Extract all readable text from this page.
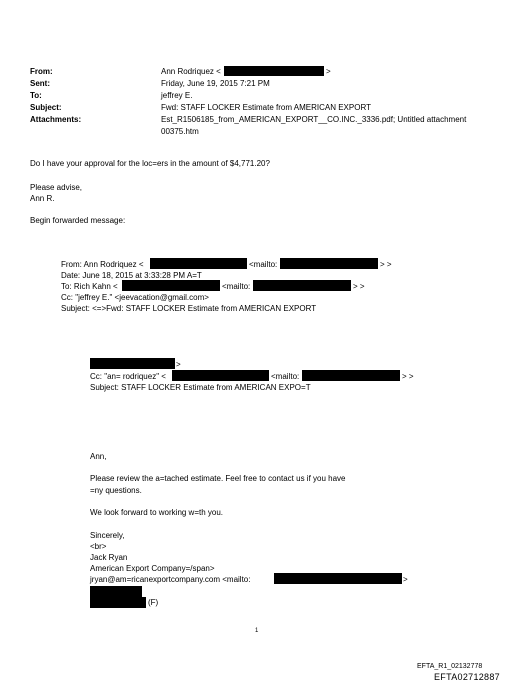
From:	Ann Rodriquez <	>
Sent:	Friday, June 19, 2015 7:21 PM
To:	jeffrey E.
Subject:	Fwd: STAFF LOCKER Estimate from AMERICAN EXPORT
Attachments:	Est_R1506185_from_AMERICAN_EXPORT__CO.INC._3336.pdf; Untitled attachment
00375.htm
Do I have your approval for the loc=ers in the amount of $4,771.20?
Please advise,
Ann R.
Begin forwarded message:
From: Ann Rodriquez <	<mailto:	> >
Date: June 18, 2015 at 3:33:28 PM A=T
To: Rich Kahn <	<mailto:	> >
Cc: "jeffrey E." <jeevacation@gmail.com>
Subject: <=>Fwd: STAFF LOCKER Estimate from AMERICAN EXPORT
>
Cc: "an= rodriquez" <	<mailto:	> >
Subject: STAFF LOCKER Estimate from AMERICAN EXPO=T
Ann,
Please review the a=tached estimate. Feel free to contact us if you have
=ny questions.
We look forward to working w=th you.
Sincerely,
<br>
Jack Ryan
American Export Company=/span>
jryan@am=ricanexportcompany.com <mailto:	>
(F)
1
EFTA_R1_02132778
EFTA02712887
